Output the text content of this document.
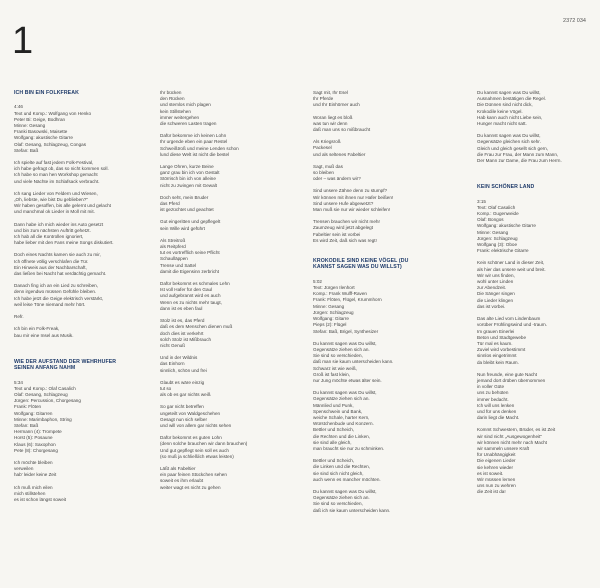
1	2372 034
ICH BIN EIN FOLKFREAK

4:46
Text und Komp.: Wolfgang von Henko
Peter Bi: Geige, Bodhran
Minne: Gesang
Franki Basowski, Maisette
Wolfgang: akustische Gitarre
Olaf: Gesang, Schlagzeug, Congas
Stefan: Baß

Ich spielte auf fast jedem Folk-Festival,
ich habe gefragt ob, das so nicht kommen soll.
Ich habe so man hen Workshop gemacht
und viele Nächte im Schlafsack verbracht.

Ich sang Lieder von Feldern und Wiesen,
„Oh, liebste, wie bist Du geblieben?"
Wir haben gesoffen, bis alle gelernt und gelacht
und manchmal ok Lieder in Moll mit mit.

Dann habe ich mich wieder ins Auto gesetzt
und bin zum nächsten Auftritt gehetzt.
Ich hab all die Kontrollen ignoriert,
habe lieber mit den Fans meine Songs diskutiert.

Doch eines Nachts kamen sie auch zu mir,
Ich öffnete völlig verschlafen die Tür.
Ein Hinweis aus der Nachbarschaft,
das ließen bei Nacht hat verdächtig gemacht.

Danach fing ich an ein Lied zu schreiben,
denn irgendwo müssen Gefühle bleiben.
Ich habe jetzt die Geige elektrisch verstärkt,
weil leise Töne niemand mehr hört.

Refr.

Ich bin ein Folk-Freak,
bau mir eine Insel aus Musik.

WIE DER AUFSTAND DER WEHRHUFER SEINEN ANFANG NAHM

5:34
Text und Komp.: Olaf Casalich
Olaf: Gesang, Schlagzeug
Jürgen: Percussion, Chorgesang
Frank: Flöten
Wolfgang: Gitarren
Minne: Marimbaphon, String
Stefan: Baß
Hermann (4): Trompete
Horst (5): Posaune
Klaus (6): Saxophon
Pete (8): Chorgesang

Ich möchte bleiben
verweilen
hab' leider keine Zeit

Ich muß mich eilen
mich stillstehen
es ist schon längst soweit

Ihr bücken
den Rücken
und stemlos mich plagen
kein Stillstehen
immer weitergehen
die schweren Lasten tragen

Dafür bekomme ich keinen Lohn
Ihr urgende eben ein paar Restel
Schweißtroß und meine Lenden schon
lund diese Welt ist nicht die bestel

Lange Ohren, kurze Beine
ganz grau bin ich von Gestalt
Störrisch bin ich von alleine
nicht zu zwingen mit Gewalt

Doch seht, mein Bruder
das Pferd
ist gezüchtet und geachtet

Gut eingeritten und gepflegelt
sein Wille wird geführt

Als Streitroß
als Reitpferd
tut es vortrefflich seine Pflicht
Schaulläppen
Trense und Sattel
damit die Eigensinn zerbricht

Dafür bekommt es schmales Lehn
Ist voll Hafer für den Gaul
und aufgebrannt wird es auch
Wenn es zu nichts mehr taugt,
dann ist es eben faul

Stolz ist es, das Pferd
daß es dem Menschen dienen muß
doch dies ist verkehrt
solch Stolz ist Mißbrauch
nicht Genuß

Und in der Wildnis
das Einhorn
sinnlich, schön und frei

Glaubt es wäre einzig
tut so
als ob es gar nichts weiß

So gar nicht betreffen
ungeteilt von Waldgeschehen
Gesagt nun sich selber
und will von allem gar nichts sehen

Dafür bekommt es guten Lohn
(denn solche brauchen wir dann brauchen)
Und gut gepflegt sein soll es auch
(so muß ja schließlich etwas leisten)

Läßt als Fabeltier
ein paar feinen Stückchen sehen
soweit es ihm erlaubt
weiter wagt es nicht zu gehen

Sagt mit, Ihr Esel
Ihr Pferde
und Ihr Einhörner auch

Woran liegt es bloß
was tun wir denn
daß man uns so mißbraucht

Als Kriegsroß
Packesel
und als seltenes Fabeltier

Sagt, muß das
so bleiben
oder – was ändern wir?

Sind unsere Zähne denn zu stumpf?
Wir können mit ihnen nur Hafer beißen!
Sind unsere Hufe abgewetzt?
Man muß sie nur wir wieder schleifen!

Trensen brauchen wir nicht mehr
Zaumzeug wird jetzt abgelegt
Fabeltier sein ist vorbei
Es wird Zeit, daß sich was regt!

KROKODILE SIND KEINE VÖGEL (DU KANNST SAGEN WAS DU WILLST)

5:02
Text: Jürgen Ilenhort
Komp.: Frank Wulff-Raven
Frank: Flöten, Flügel, Krummhorn
Minne: Gesang
Jürgen: Schlagzeug
Wolfgang: Gitarre
Pieps (2): Flügel
Stefan: Baß, Brigel, Synthesizer

Du kannst sagen was Du willst,
Gegensätze ziehen sich an.
Sie sind so verschieden,
daß man sie kaum unterscheiden kann.
Schwarz ist wie weiß,
Groß ist fast klein,
nur Jung möchte etwas älter sein.

Du kannst sagen was Du willst,
Gegensätze ziehen sich an.
Männlied und Punk,
Spenschwein und Bank,
weiche Schale, harter Kern,
Würstchenbude und Konzern.
Bettler und Scheich,
die Rechten und die Linken,
sie sind alle gleich,
man braucht sie nur zu schminken.

Bettler und Scheich,
die Linken und die Rechten,
sie sind sich nicht gleich,
auch wenn es mancher möchten.

Du kannst sagen was Du willst,
Gegensätze ziehen sich an.
Sie sind so verschieden,
daß ich sie kaum unterscheiden kann.

Du kannst sagen was Du willst,
Ausnahmen bestätigen die Regel.
Die Dünnen sind nicht dick,
Krokodile keine Vögel.
Hab kann auch nicht Liebe sein,
Hunger macht nicht satt.

Du kannst sagen was Du willst,
Gegensätze gleichen sich sehr.
Gleich und gleich gesellt sich gern,
die Frau zur Frau, der Mann zum Mann,
Der Mann zur Dame, die Frau zum Herrn.

KEIN SCHÖNER LAND

3:15
Text: Olaf Casalich
Komp.: Gugenweide
Olaf: Bongos
Wolfgang: akustische Gitarre
Minne: Gesang
Jürgen: Schlagzeug
Wolfgang (3): Oboe
Frank: elektrische Gitarre

Kein schöner Land in dieser Zeit,
als hier das unsere weit und breit.
Wir wir uns finden,
wohl unter Linden
zur Abendzeit.
Die Sänger singen
die Lieder klingen
das ist vorbei.

Das alte Lied vom Lindenbaum
vorüber Frühlingswind und -traum.
Im grauen Einerlei
Beton und Stadtgewebe
Tür mal es kaum.
Zuviel wird vorbestimmt
sinnlos eingetrimmt
da bleibt kein Raum.

Nun freunde, eine gute Nacht
jemand dort drüben übernommen
in voller Güte
uns zu behüten
immer bedacht.
Ich will uns lenken
und für uns denken
darin liegt die Macht.

Kommt Schwestern, Brüder, es ist Zeit
wir sind nicht „Ausgewogenheit"
wir können nicht mehr nach Macht
wir sammeln unsere Kraft
für Unabhängigkeit
Die eigenen Lieder
sie kehren wieder
es ist soweit.
Wir müssen lernen
uns nun zu wehren
die Zeit ist da!
